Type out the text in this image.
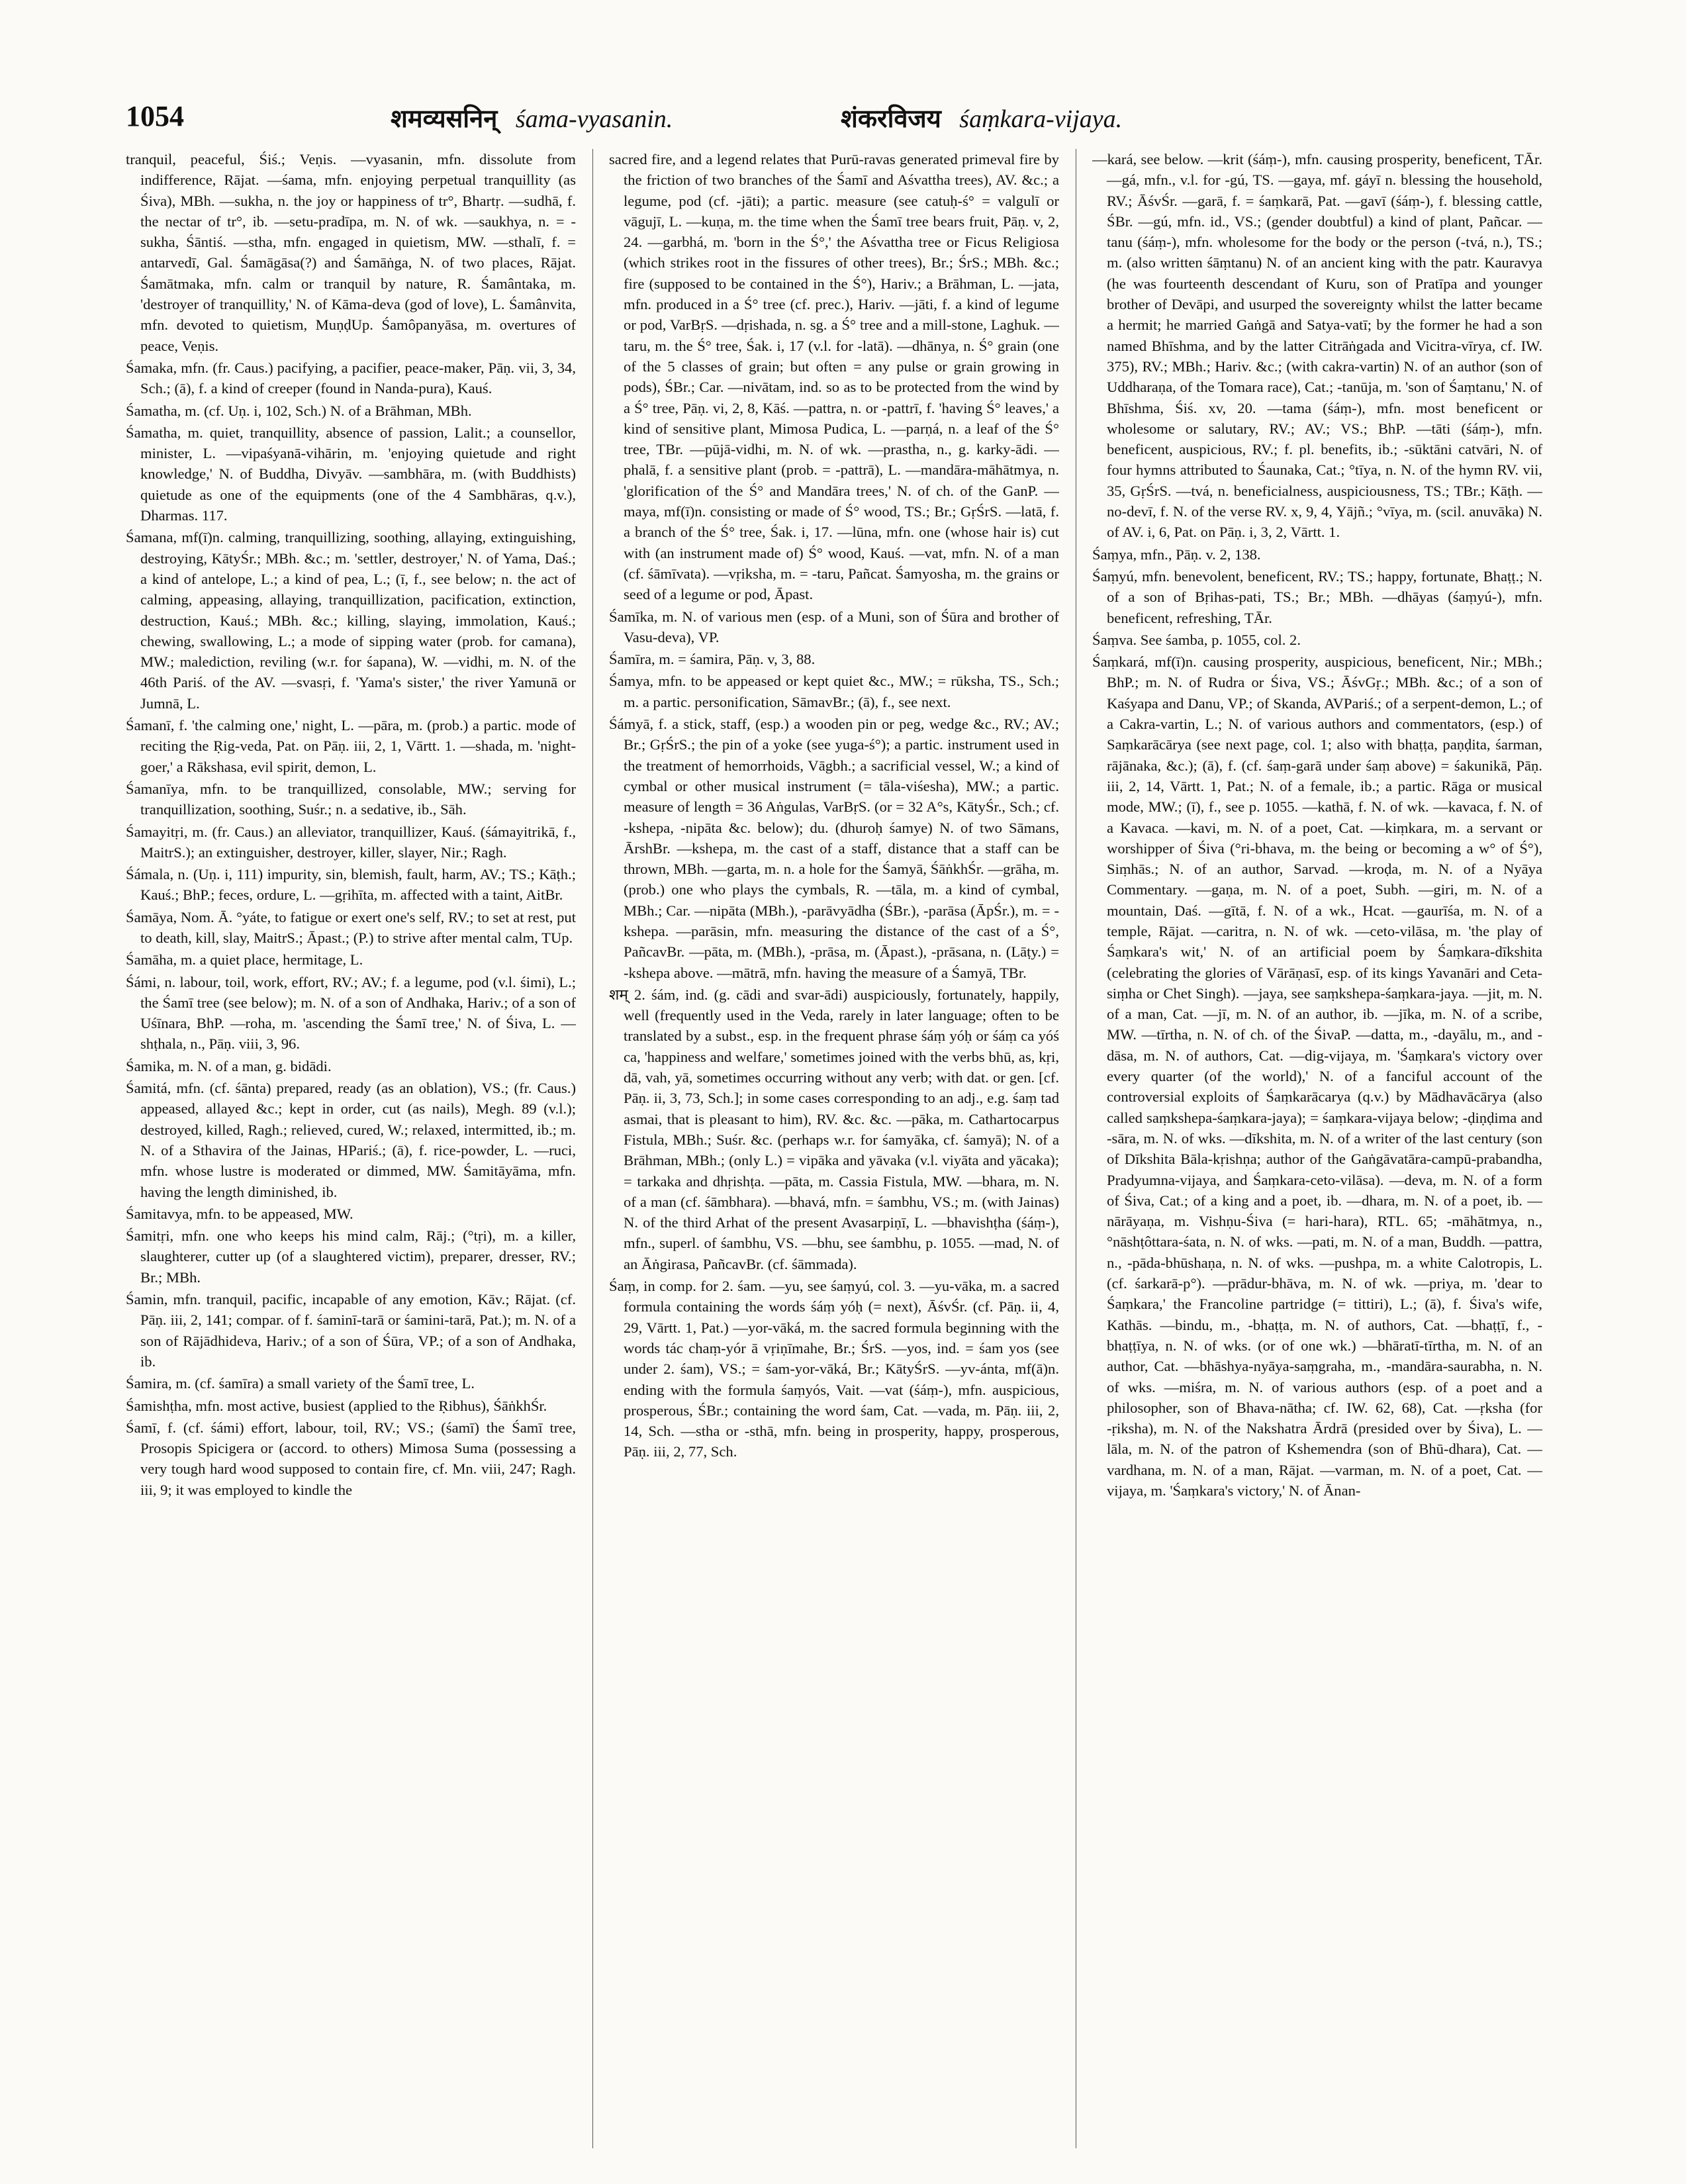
1054	शमव्यसनिन् śama-vyasanin.	शंकरविजय śaṃkara-vijaya.

tranquil, peaceful, Śiś.; Veṇis. —vyasanin, mfn. dissolute from indifference, Rājat. —śama, mfn. enjoying perpetual tranquillity (as Śiva), MBh. —sukha, n. the joy or happiness of tr°, Bhartṛ. —sudhā, f. the nectar of tr°, ib. —setu-pradīpa, m. N. of wk. —saukhya, n. = -sukha, Śāntiś. —stha, mfn. engaged in quietism, MW. —sthalī, f. = antarvedī, Gal. Śamāgāsa(?) and Śamāṅga, N. of two places, Rājat. Śamātmaka, mfn. calm or tranquil by nature, R. Śamântaka, m. 'destroyer of tranquillity,' N. of Kāma-deva (god of love), L. Śamânvita, mfn. devoted to quietism, MuṇḍUp. Śamôpanyāsa, m. overtures of peace, Veṇis.

Śamaka, mfn. (fr. Caus.) pacifying, a pacifier, peace-maker, Pāṇ. vii, 3, 34, Sch.; (ā), f. a kind of creeper (found in Nanda-pura), Kauś.

Śamatha, m. (cf. Uṇ. i, 102, Sch.) N. of a Brāhman, MBh.

Śamatha, m. quiet, tranquillity, absence of passion, Lalit.; a counsellor, minister, L. —vipaśyanā-vihārin, m. 'enjoying quietude and right knowledge,' N. of Buddha, Divyāv. —sambhāra, m. (with Buddhists) quietude as one of the equipments (one of the 4 Sambhāras, q.v.), Dharmas. 117.

Śamana, mf(ī)n. calming, tranquillizing, soothing, allaying, extinguishing, destroying, KātyŚr.; MBh. &c.; m. 'settler, destroyer,' N. of Yama, Daś.; a kind of antelope, L.; a kind of pea, L.; (ī, f., see below; n. the act of calming, appeasing, allaying, tranquillization, pacification, extinction, destruction, Kauś.; MBh. &c.; killing, slaying, immolation, Kauś.; chewing, swallowing, L.; a mode of sipping water (prob. for camana), MW.; malediction, reviling (w.r. for śapana), W. —vidhi, m. N. of the 46th Pariś. of the AV. —svasṛi, f. 'Yama's sister,' the river Yamunā or Jumnā, L.

Śamanī, f. 'the calming one,' night, L. —pāra, m. (prob.) a partic. mode of reciting the Ṛig-veda, Pat. on Pāṇ. iii, 2, 1, Vārtt. 1. —shada, m. 'night-goer,' a Rākshasa, evil spirit, demon, L.

Śamanīya, mfn. to be tranquillized, consolable, MW.; serving for tranquillization, soothing, Suśr.; n. a sedative, ib., Sāh.

Śamayitṛi, m. (fr. Caus.) an alleviator, tranquillizer, Kauś. (śámayitrikā, f., MaitrS.); an extinguisher, destroyer, killer, slayer, Nir.; Ragh.

Śámala, n. (Uṇ. i, 111) impurity, sin, blemish, fault, harm, AV.; TS.; Kāṭh.; Kauś.; BhP.; feces, ordure, L. —gṛihīta, m. affected with a taint, AitBr.

Śamāya, Nom. Ā. °yáte, to fatigue or exert one's self, RV.; to set at rest, put to death, kill, slay, MaitrS.; Āpast.; (P.) to strive after mental calm, TUp.

Śamāha, m. a quiet place, hermitage, L.

Śámi, n. labour, toil, work, effort, RV.; AV.; f. a legume, pod (v.l. śimi), L.; the Śamī tree (see below); m. N. of a son of Andhaka, Hariv.; of a son of Uśīnara, BhP. —roha, m. 'ascending the Śamī tree,' N. of Śiva, L. —shṭhala, n., Pāṇ. viii, 3, 96.

Śamika, m. N. of a man, g. bidādi.

Śamitá, mfn. (cf. śānta) prepared, ready (as an oblation), VS.; (fr. Caus.) appeased, allayed &c.; kept in order, cut (as nails), Megh. 89 (v.l.); destroyed, killed, Ragh.; relieved, cured, W.; relaxed, intermitted, ib.; m. N. of a Sthavira of the Jainas, HPariś.; (ā), f. rice-powder, L. —ruci, mfn. whose lustre is moderated or dimmed, MW. Śamitāyāma, mfn. having the length diminished, ib.

Śamitavya, mfn. to be appeased, MW.

Śamitṛi, mfn. one who keeps his mind calm, Rāj.; (°tṛi), m. a killer, slaughterer, cutter up (of a slaughtered victim), preparer, dresser, RV.; Br.; MBh.

Śamin, mfn. tranquil, pacific, incapable of any emotion, Kāv.; Rājat. (cf. Pāṇ. iii, 2, 141; compar. of f. śaminī-tarā or śamini-tarā, Pat.); m. N. of a son of Rājādhideva, Hariv.; of a son of Śūra, VP.; of a son of Andhaka, ib.

Śamira, m. (cf. śamīra) a small variety of the Śamī tree, L.

Śamishṭha, mfn. most active, busiest (applied to the Ṛibhus), ŚāṅkhŚr.

Śamī, f. (cf. śámi) effort, labour, toil, RV.; VS.; (śamī) the Śamī tree, Prosopis Spicigera or (accord. to others) Mimosa Suma (possessing a very tough hard wood supposed to contain fire, cf. Mn. viii, 247; Ragh. iii, 9; it was employed to kindle the

sacred fire, and a legend relates that Purū-ravas generated primeval fire by the friction of two branches of the Śamī and Aśvattha trees), AV. &c.; a legume, pod (cf. -jāti); a partic. measure (see catuḥ-ś° = valgulī or vāgujī, L. —kuṇa, m. the time when the Śamī tree bears fruit, Pāṇ. v, 2, 24. —garbhá, m. 'born in the Ś°,' the Aśvattha tree or Ficus Religiosa (which strikes root in the fissures of other trees), Br.; ŚrS.; MBh. &c.; fire (supposed to be contained in the Ś°), Hariv.; a Brāhman, L. —jata, mfn. produced in a Ś° tree (cf. prec.), Hariv. —jāti, f. a kind of legume or pod, VarBṛS. —dṛishada, n. sg. a Ś° tree and a mill-stone, Laghuk. —taru, m. the Ś° tree, Śak. i, 17 (v.l. for -latā). —dhānya, n. Ś° grain (one of the 5 classes of grain; but often = any pulse or grain growing in pods), ŚBr.; Car. —nivātam, ind. so as to be protected from the wind by a Ś° tree, Pāṇ. vi, 2, 8, Kāś. —pattra, n. or -pattrī, f. 'having Ś° leaves,' a kind of sensitive plant, Mimosa Pudica, L. —parṇá, n. a leaf of the Ś° tree, TBr. —pūjā-vidhi, m. N. of wk. —prastha, n., g. karky-ādi. —phalā, f. a sensitive plant (prob. = -pattrā), L. —mandāra-māhātmya, n. 'glorification of the Ś° and Mandāra trees,' N. of ch. of the GanP. —maya, mf(ī)n. consisting or made of Ś° wood, TS.; Br.; GṛŚrS. —latā, f. a branch of the Ś° tree, Śak. i, 17. —lūna, mfn. one (whose hair is) cut with (an instrument made of) Ś° wood, Kauś. —vat, mfn. N. of a man (cf. śāmīvata). —vṛiksha, m. = -taru, Pañcat. Śamyosha, m. the grains or seed of a legume or pod, Āpast.

Śamīka, m. N. of various men (esp. of a Muni, son of Śūra and brother of Vasu-deva), VP.

Śamīra, m. = śamira, Pāṇ. v, 3, 88.

Śamya, mfn. to be appeased or kept quiet &c., MW.; = rūksha, TS., Sch.; m. a partic. personification, SāmavBr.; (ā), f., see next.

Śámyā, f. a stick, staff, (esp.) a wooden pin or peg, wedge &c., RV.; AV.; Br.; GṛŚrS.; the pin of a yoke (see yuga-ś°); a partic. instrument used in the treatment of hemorrhoids, Vāgbh.; a sacrificial vessel, W.; a kind of cymbal or other musical instrument (= tāla-viśesha), MW.; a partic. measure of length = 36 Aṅgulas, VarBṛS. (or = 32 A°s, KātyŚr., Sch.; cf. -kshepa, -nipāta &c. below); du. (dhuroḥ śamye) N. of two Sāmans, ĀrshBr. —kshepa, m. the cast of a staff, distance that a staff can be thrown, MBh. —garta, m. n. a hole for the Śamyā, ŚāṅkhŚr. —grāha, m. (prob.) one who plays the cymbals, R. —tāla, m. a kind of cymbal, MBh.; Car. —nipāta (MBh.), -parāvyādha (ŚBr.), -parāsa (ĀpŚr.), m. = -kshepa. —parāsin, mfn. measuring the distance of the cast of a Ś°, PañcavBr. —pāta, m. (MBh.), -prāsa, m. (Āpast.), -prāsana, n. (Lāṭy.) = -kshepa above. —mātrā, mfn. having the measure of a Śamyā, TBr.

शम् 2. śám, ind. (g. cādi and svar-ādi) auspiciously, fortunately, happily, well (frequently used in the Veda, rarely in later language; often to be translated by a subst., esp. in the frequent phrase śáṃ yóḥ or śáṃ ca yóś ca, 'happiness and welfare,' sometimes joined with the verbs bhū, as, kṛi, dā, vah, yā, sometimes occurring without any verb; with dat. or gen. [cf. Pāṇ. ii, 3, 73, Sch.]; in some cases corresponding to an adj., e.g. śaṃ tad asmai, that is pleasant to him), RV. &c. &c. —pāka, m. Cathartocarpus Fistula, MBh.; Suśr. &c. (perhaps w.r. for śamyāka, cf. śamyā); N. of a Brāhman, MBh.; (only L.) = vipāka and yāvaka (v.l. viyāta and yācaka); = tarkaka and dhṛishṭa. —pāta, m. Cassia Fistula, MW. —bhara, m. N. of a man (cf. śāmbhara). —bhavá, mfn. = śambhu, VS.; m. (with Jainas) N. of the third Arhat of the present Avasarpiṇī, L. —bhavishṭha (śáṃ-), mfn., superl. of śambhu, VS. —bhu, see śambhu, p. 1055. —mad, N. of an Āṅgirasa, PañcavBr. (cf. śāmmada).

Śaṃ, in comp. for 2. śam. —yu, see śaṃyú, col. 3. —yu-vāka, m. a sacred formula containing the words śáṃ yóḥ (= next), ĀśvŚr. (cf. Pāṇ. ii, 4, 29, Vārtt. 1, Pat.) —yor-vāká, m. the sacred formula beginning with the words tác chaṃ-yór ā vṛiṇīmahe, Br.; ŚrS. —yos, ind. = śam yos (see under 2. śam), VS.; = śam-yor-vāká, Br.; KātyŚrS. —yv-ánta, mf(ā)n. ending with the formula śaṃyós, Vait. —vat (śáṃ-), mfn. auspicious, prosperous, ŚBr.; containing the word śam, Cat. —vada, m. Pāṇ. iii, 2, 14, Sch. —stha or -sthā, mfn. being in prosperity, happy, prosperous, Pāṇ. iii, 2, 77, Sch.

—kará, see below. —krit (śáṃ-), mfn. causing prosperity, beneficent, TĀr. —gá, mfn., v.l. for -gú, TS. —gaya, mf. gáyī n. blessing the household, RV.; ĀśvŚr. —garā, f. = śaṃkarā, Pat. —gavī (śáṃ-), f. blessing cattle, ŚBr. —gú, mfn. id., VS.; (gender doubtful) a kind of plant, Pañcar. —tanu (śáṃ-), mfn. wholesome for the body or the person (-tvá, n.), TS.; m. (also written śāṃtanu) N. of an ancient king with the patr. Kauravya (he was fourteenth descendant of Kuru, son of Pratīpa and younger brother of Devāpi, and usurped the sovereignty whilst the latter became a hermit; he married Gaṅgā and Satya-vatī; by the former he had a son named Bhīshma, and by the latter Citrāṅgada and Vicitra-vīrya, cf. IW. 375), RV.; MBh.; Hariv. &c.; (with cakra-vartin) N. of an author (son of Uddharaṇa, of the Tomara race), Cat.; -tanūja, m. 'son of Śaṃtanu,' N. of Bhīshma, Śiś. xv, 20. —tama (śáṃ-), mfn. most beneficent or wholesome or salutary, RV.; AV.; VS.; BhP. —tāti (śáṃ-), mfn. beneficent, auspicious, RV.; f. pl. benefits, ib.; -sūktāni catvāri, N. of four hymns attributed to Śaunaka, Cat.; °tīya, n. N. of the hymn RV. vii, 35, GṛŚrS. —tvá, n. beneficialness, auspiciousness, TS.; TBr.; Kāṭh. —no-devī, f. N. of the verse RV. x, 9, 4, Yājñ.; °vīya, m. (scil. anuvāka) N. of AV. i, 6, Pat. on Pāṇ. i, 3, 2, Vārtt. 1.

Śaṃya, mfn., Pāṇ. v. 2, 138.

Śaṃyú, mfn. benevolent, beneficent, RV.; TS.; happy, fortunate, Bhaṭṭ.; N. of a son of Bṛihas-pati, TS.; Br.; MBh. —dhāyas (śaṃyú-), mfn. beneficent, refreshing, TĀr.

Śaṃva. See śamba, p. 1055, col. 2.

Śaṃkará, mf(ī)n. causing prosperity, auspicious, beneficent, Nir.; MBh.; BhP.; m. N. of Rudra or Śiva, VS.; ĀśvGṛ.; MBh. &c.; of a son of Kaśyapa and Danu, VP.; of Skanda, AVPariś.; of a serpent-demon, L.; of a Cakra-vartin, L.; N. of various authors and commentators, (esp.) of Saṃkarācārya (see next page, col. 1; also with bhaṭṭa, paṇḍita, śarman, rājānaka, &c.); (ā), f. (cf. śaṃ-garā under śaṃ above) = śakunikā, Pāṇ. iii, 2, 14, Vārtt. 1, Pat.; N. of a female, ib.; a partic. Rāga or musical mode, MW.; (ī), f., see p. 1055. —kathā, f. N. of wk. —kavaca, f. N. of a Kavaca. —kavi, m. N. of a poet, Cat. —kiṃkara, m. a servant or worshipper of Śiva (°ri-bhava, m. the being or becoming a w° of Ś°), Siṃhās.; N. of an author, Sarvad. —kroḍa, m. N. of a Nyāya Commentary. —gaṇa, m. N. of a poet, Subh. —giri, m. N. of a mountain, Daś. —gītā, f. N. of a wk., Hcat. —gaurīśa, m. N. of a temple, Rājat. —caritra, n. N. of wk. —ceto-vilāsa, m. 'the play of Śaṃkara's wit,' N. of an artificial poem by Śaṃkara-dīkshita (celebrating the glories of Vārāṇasī, esp. of its kings Yavanāri and Ceta-siṃha or Chet Singh). —jaya, see saṃkshepa-śaṃkara-jaya. —jit, m. N. of a man, Cat. —jī, m. N. of an author, ib. —jīka, m. N. of a scribe, MW. —tīrtha, n. N. of ch. of the ŚivaP. —datta, m., -dayālu, m., and -dāsa, m. N. of authors, Cat. —dig-vijaya, m. 'Śaṃkara's victory over every quarter (of the world),' N. of a fanciful account of the controversial exploits of Śaṃkarācarya (q.v.) by Mādhavācārya (also called saṃkshepa-śaṃkara-jaya); = śaṃkara-vijaya below; -ḍiṇḍima and -sāra, m. N. of wks. —dīkshita, m. N. of a writer of the last century (son of Dīkshita Bāla-kṛishṇa; author of the Gaṅgāvatāra-campū-prabandha, Pradyumna-vijaya, and Śaṃkara-ceto-vilāsa). —deva, m. N. of a form of Śiva, Cat.; of a king and a poet, ib. —dhara, m. N. of a poet, ib. —nārāyaṇa, m. Vishṇu-Śiva (= hari-hara), RTL. 65; -māhātmya, n., °nāshṭôttara-śata, n. N. of wks. —pati, m. N. of a man, Buddh. —pattra, n., -pāda-bhūshaṇa, n. N. of wks. —pushpa, m. a white Calotropis, L. (cf. śarkarā-p°). —prādur-bhāva, m. N. of wk. —priya, m. 'dear to Śaṃkara,' the Francoline partridge (= tittiri), L.; (ā), f. Śiva's wife, Kathās. —bindu, m., -bhaṭṭa, m. N. of authors, Cat. —bhaṭṭī, f., -bhaṭṭīya, n. N. of wks. (or of one wk.) —bhāratī-tīrtha, m. N. of an author, Cat. —bhāshya-nyāya-saṃgraha, m., -mandāra-saurabha, n. N. of wks. —miśra, m. N. of various authors (esp. of a poet and a philosopher, son of Bhava-nātha; cf. IW. 62, 68), Cat. —ṛksha (for -ṛiksha), m. N. of the Nakshatra Ārdrā (presided over by Śiva), L. —lāla, m. N. of the patron of Kshemendra (son of Bhū-dhara), Cat. —vardhana, m. N. of a man, Rājat. —varman, m. N. of a poet, Cat. —vijaya, m. 'Śaṃkara's victory,' N. of Ānan-
